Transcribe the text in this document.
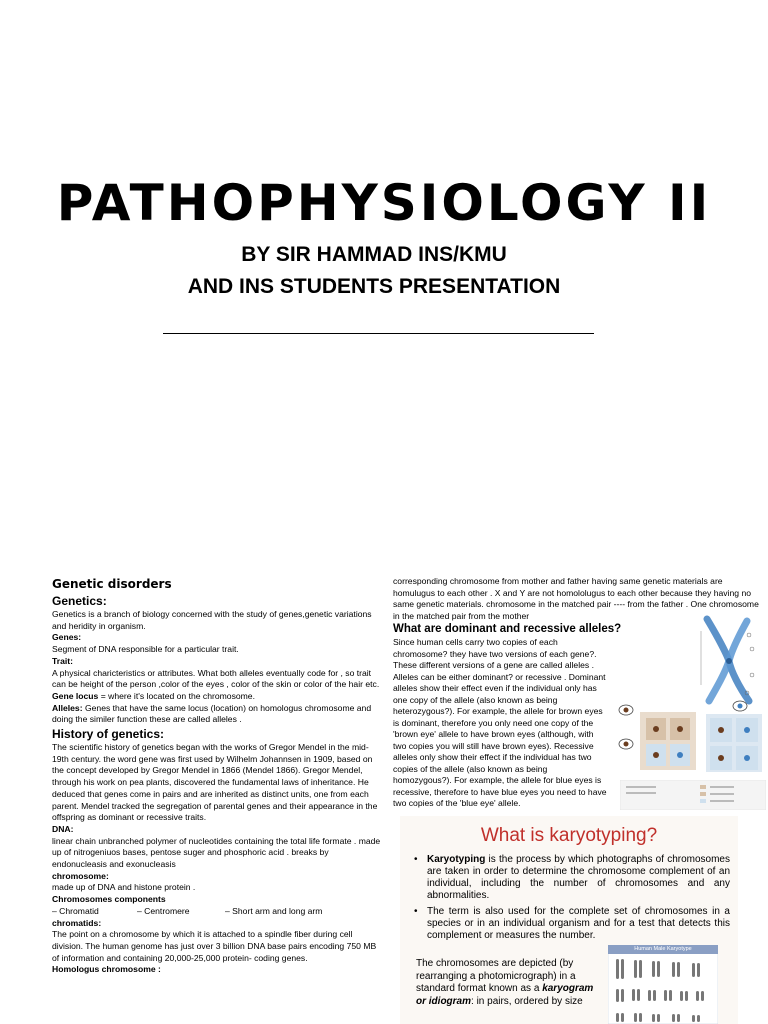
PATHOPHYSIOLOGY II
BY SIR HAMMAD INS/KMU
AND INS STUDENTS PRESENTATION
Genetic disorders
Genetics:

Genetics is a branch of biology concerned with the study of genes,genetic variations and heridity in organism.

Genes:

Segment of DNA responsible for a particular trait.

Trait:

A physical charicteristics or attributes. What both alleles eventually code for , so trait can be height of the person ,color of the eyes , color of the skin or color of the hair etc.

Gene locus = where it's located on the chromosome.

Alleles: Genes that have the same locus (location) on homologus chromosome and doing the similer function these are called alleles .

History of genetics:

The scientific history of genetics began with the works of Gregor Mendel in the mid-19th century. the word gene was first used by Wilhelm Johannsen in 1909, based on the concept developed by Gregor Mendel in 1866 (Mendel 1866). Gregor Mendel, through his work on pea plants, discovered the fundamental laws of inheritance. He deduced that genes come in pairs and are inherited as distinct units, one from each parent. Mendel tracked the segregation of parental genes and their appearance in the offspring as dominant or recessive traits.

DNA:

linear chain unbranched polymer of nucleotides containing the total life formate . made up of nitrogeniuos bases, pentose suger and phosphoric acid . breaks by endonucleasis and exonucleasis

chromosome:

made up of DNA and histone protein .

Chromosomes components

– Chromatid	– Centromere	– Short arm and long arm

chromatids:

The point on a chromosome by which it is attached to a spindle fiber during cell division. The human genome has just over 3 billion DNA base pairs encoding 750 MB of information and containing 20,000-25,000 protein- coding genes.

Homologus chromosome :

corresponding chromosome from mother and father having same genetic materials are homulugus to each other . X and Y are not homololugus to each other because they having no same genetic materials. chromosome in the matched pair ---- from the father . One chromosome in the matched pair from the mother

What are dominant and recessive alleles?

Since human cells carry two copies of each chromosome? they have two versions of each gene?. These different versions of a gene are called alleles . Alleles can be either dominant? or recessive . Dominant alleles show their effect even if the individual only has one copy of the allele (also known as being heterozygous?). For example, the allele for brown eyes is dominant, therefore you only need one copy of the 'brown eye' allele to have brown eyes (although, with two copies you will still have brown eyes). Recessive alleles only show their effect if the individual has two copies of the allele (also known as being homozygous?). For example, the allele for blue eyes is recessive, therefore to have blue eyes you need to have two copies of the 'blue eye' allele.

What is karyotyping?
• Karyotyping is the process by which photographs of chromosomes are taken in order to determine the chromosome complement of an individual, including the number of chromosomes and any abnormalities.
• The term is also used for the complete set of chromosomes in a species or in an individual organism and for a test that detects this complement or measures the number.
The chromosomes are depicted (by rearranging a photomicrograph) in a standard format known as a karyogram or idiogram: in pairs, ordered by size
Human Male Karyotype
